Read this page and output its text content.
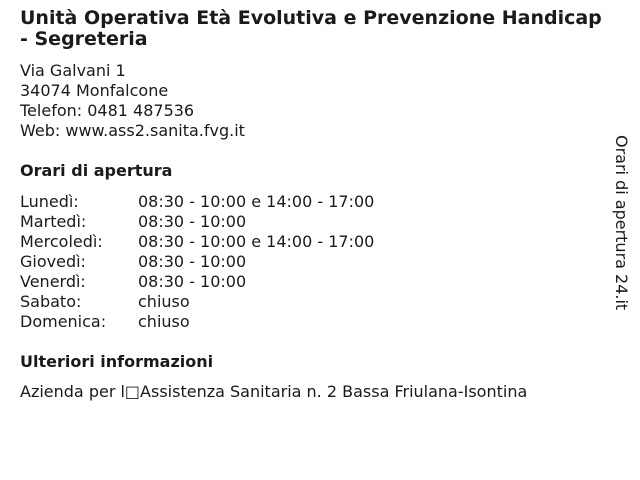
Unità Operativa Età Evolutiva e Prevenzione Handicap - Segreteria
Via Galvani 1
34074 Monfalcone
Telefon: 0481 487536
Web: www.ass2.sanita.fvg.it
Orari di apertura
Lunedì:	08:30 - 10:00 e 14:00 - 17:00
Martedì:	08:30 - 10:00
Mercoledì:	08:30 - 10:00 e 14:00 - 17:00
Giovedì:	08:30 - 10:00
Venerdì:	08:30 - 10:00
Sabato:	chiuso
Domenica:	chiuso
Ulteriori informazioni
Azienda per l□Assistenza Sanitaria n. 2 Bassa Friulana-Isontina
Orari di apertura 24.it
